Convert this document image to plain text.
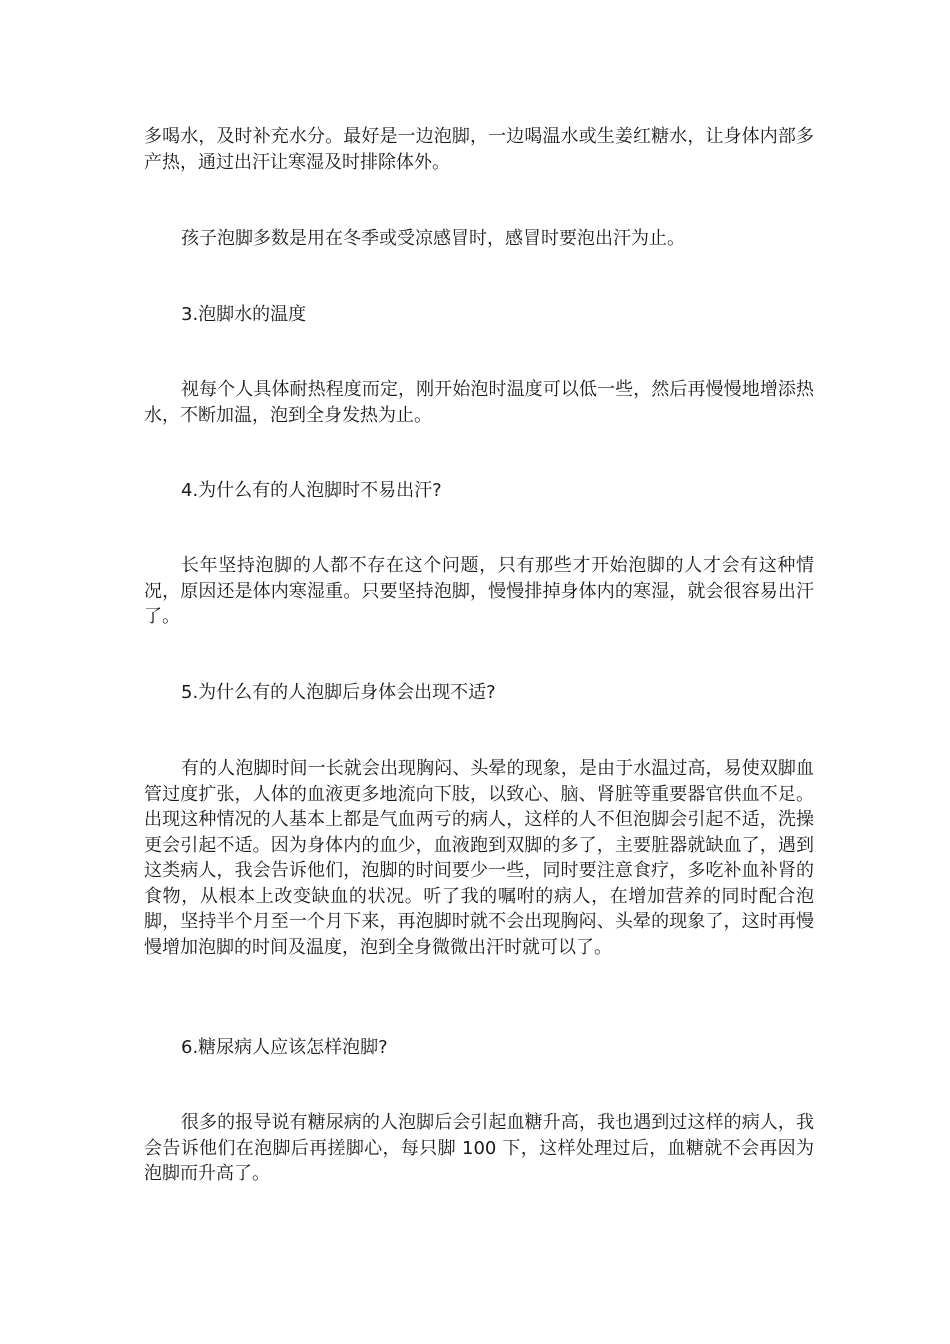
多喝水，及时补充水分。最好是一边泡脚，一边喝温水或生姜红糖水，让身体内部多产热，通过出汗让寒湿及时排除体外。

孩子泡脚多数是用在冬季或受凉感冒时，感冒时要泡出汗为止。

3.泡脚水的温度

视每个人具体耐热程度而定，刚开始泡时温度可以低一些，然后再慢慢地增添热水，不断加温，泡到全身发热为止。

4.为什么有的人泡脚时不易出汗?

长年坚持泡脚的人都不存在这个问题，只有那些才开始泡脚的人才会有这种情况，原因还是体内寒湿重。只要坚持泡脚，慢慢排掉身体内的寒湿，就会很容易出汗了。

5.为什么有的人泡脚后身体会出现不适?

有的人泡脚时间一长就会出现胸闷、头晕的现象，是由于水温过高，易使双脚血管过度扩张，人体的血液更多地流向下肢，以致心、脑、肾脏等重要器官供血不足。出现这种情况的人基本上都是气血两亏的病人，这样的人不但泡脚会引起不适，洗操更会引起不适。因为身体内的血少，血液跑到双脚的多了，主要脏器就缺血了，遇到这类病人，我会告诉他们，泡脚的时间要少一些，同时要注意食疗，多吃补血补肾的食物，从根本上改变缺血的状况。听了我的嘱咐的病人，在增加营养的同时配合泡脚，坚持半个月至一个月下来，再泡脚时就不会出现胸闷、头晕的现象了，这时再慢慢增加泡脚的时间及温度，泡到全身微微出汗时就可以了。

6.糖尿病人应该怎样泡脚?

很多的报导说有糖尿病的人泡脚后会引起血糖升高，我也遇到过这样的病人，我会告诉他们在泡脚后再搓脚心，每只脚 100 下，这样处理过后，血糖就不会再因为泡脚而升高了。
